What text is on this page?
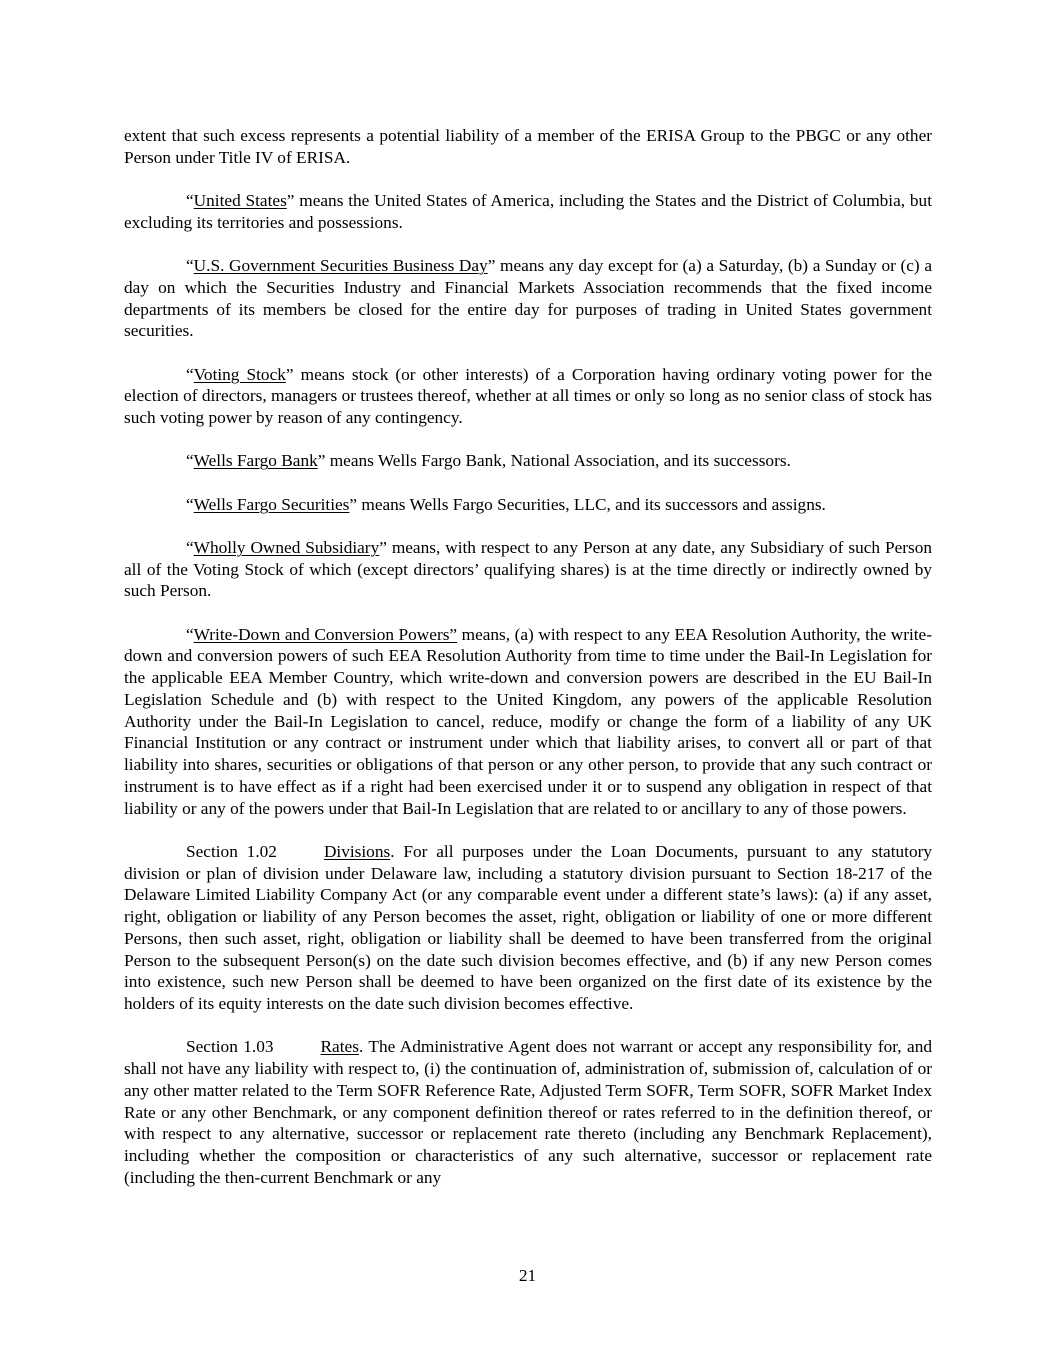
extent that such excess represents a potential liability of a member of the ERISA Group to the PBGC or any other Person under Title IV of ERISA.

“United States” means the United States of America, including the States and the District of Columbia, but excluding its territories and possessions.

“U.S. Government Securities Business Day” means any day except for (a) a Saturday, (b) a Sunday or (c) a day on which the Securities Industry and Financial Markets Association recommends that the fixed income departments of its members be closed for the entire day for purposes of trading in United States government securities.

“Voting Stock” means stock (or other interests) of a Corporation having ordinary voting power for the election of directors, managers or trustees thereof, whether at all times or only so long as no senior class of stock has such voting power by reason of any contingency.

“Wells Fargo Bank” means Wells Fargo Bank, National Association, and its successors.

“Wells Fargo Securities” means Wells Fargo Securities, LLC, and its successors and assigns.

“Wholly Owned Subsidiary” means, with respect to any Person at any date, any Subsidiary of such Person all of the Voting Stock of which (except directors’ qualifying shares) is at the time directly or indirectly owned by such Person.

“Write-Down and Conversion Powers” means, (a) with respect to any EEA Resolution Authority, the write-down and conversion powers of such EEA Resolution Authority from time to time under the Bail-In Legislation for the applicable EEA Member Country, which write-down and conversion powers are described in the EU Bail-In Legislation Schedule and (b) with respect to the United Kingdom, any powers of the applicable Resolution Authority under the Bail-In Legislation to cancel, reduce, modify or change the form of a liability of any UK Financial Institution or any contract or instrument under which that liability arises, to convert all or part of that liability into shares, securities or obligations of that person or any other person, to provide that any such contract or instrument is to have effect as if a right had been exercised under it or to suspend any obligation in respect of that liability or any of the powers under that Bail-In Legislation that are related to or ancillary to any of those powers.

Section 1.02	Divisions. For all purposes under the Loan Documents, pursuant to any statutory division or plan of division under Delaware law, including a statutory division pursuant to Section 18-217 of the Delaware Limited Liability Company Act (or any comparable event under a different state’s laws): (a) if any asset, right, obligation or liability of any Person becomes the asset, right, obligation or liability of one or more different Persons, then such asset, right, obligation or liability shall be deemed to have been transferred from the original Person to the subsequent Person(s) on the date such division becomes effective, and (b) if any new Person comes into existence, such new Person shall be deemed to have been organized on the first date of its existence by the holders of its equity interests on the date such division becomes effective.

Section 1.03	Rates. The Administrative Agent does not warrant or accept any responsibility for, and shall not have any liability with respect to, (i) the continuation of, administration of, submission of, calculation of or any other matter related to the Term SOFR Reference Rate, Adjusted Term SOFR, Term SOFR, SOFR Market Index Rate or any other Benchmark, or any component definition thereof or rates referred to in the definition thereof, or with respect to any alternative, successor or replacement rate thereto (including any Benchmark Replacement), including whether the composition or characteristics of any such alternative, successor or replacement rate (including the then-current Benchmark or any

21
